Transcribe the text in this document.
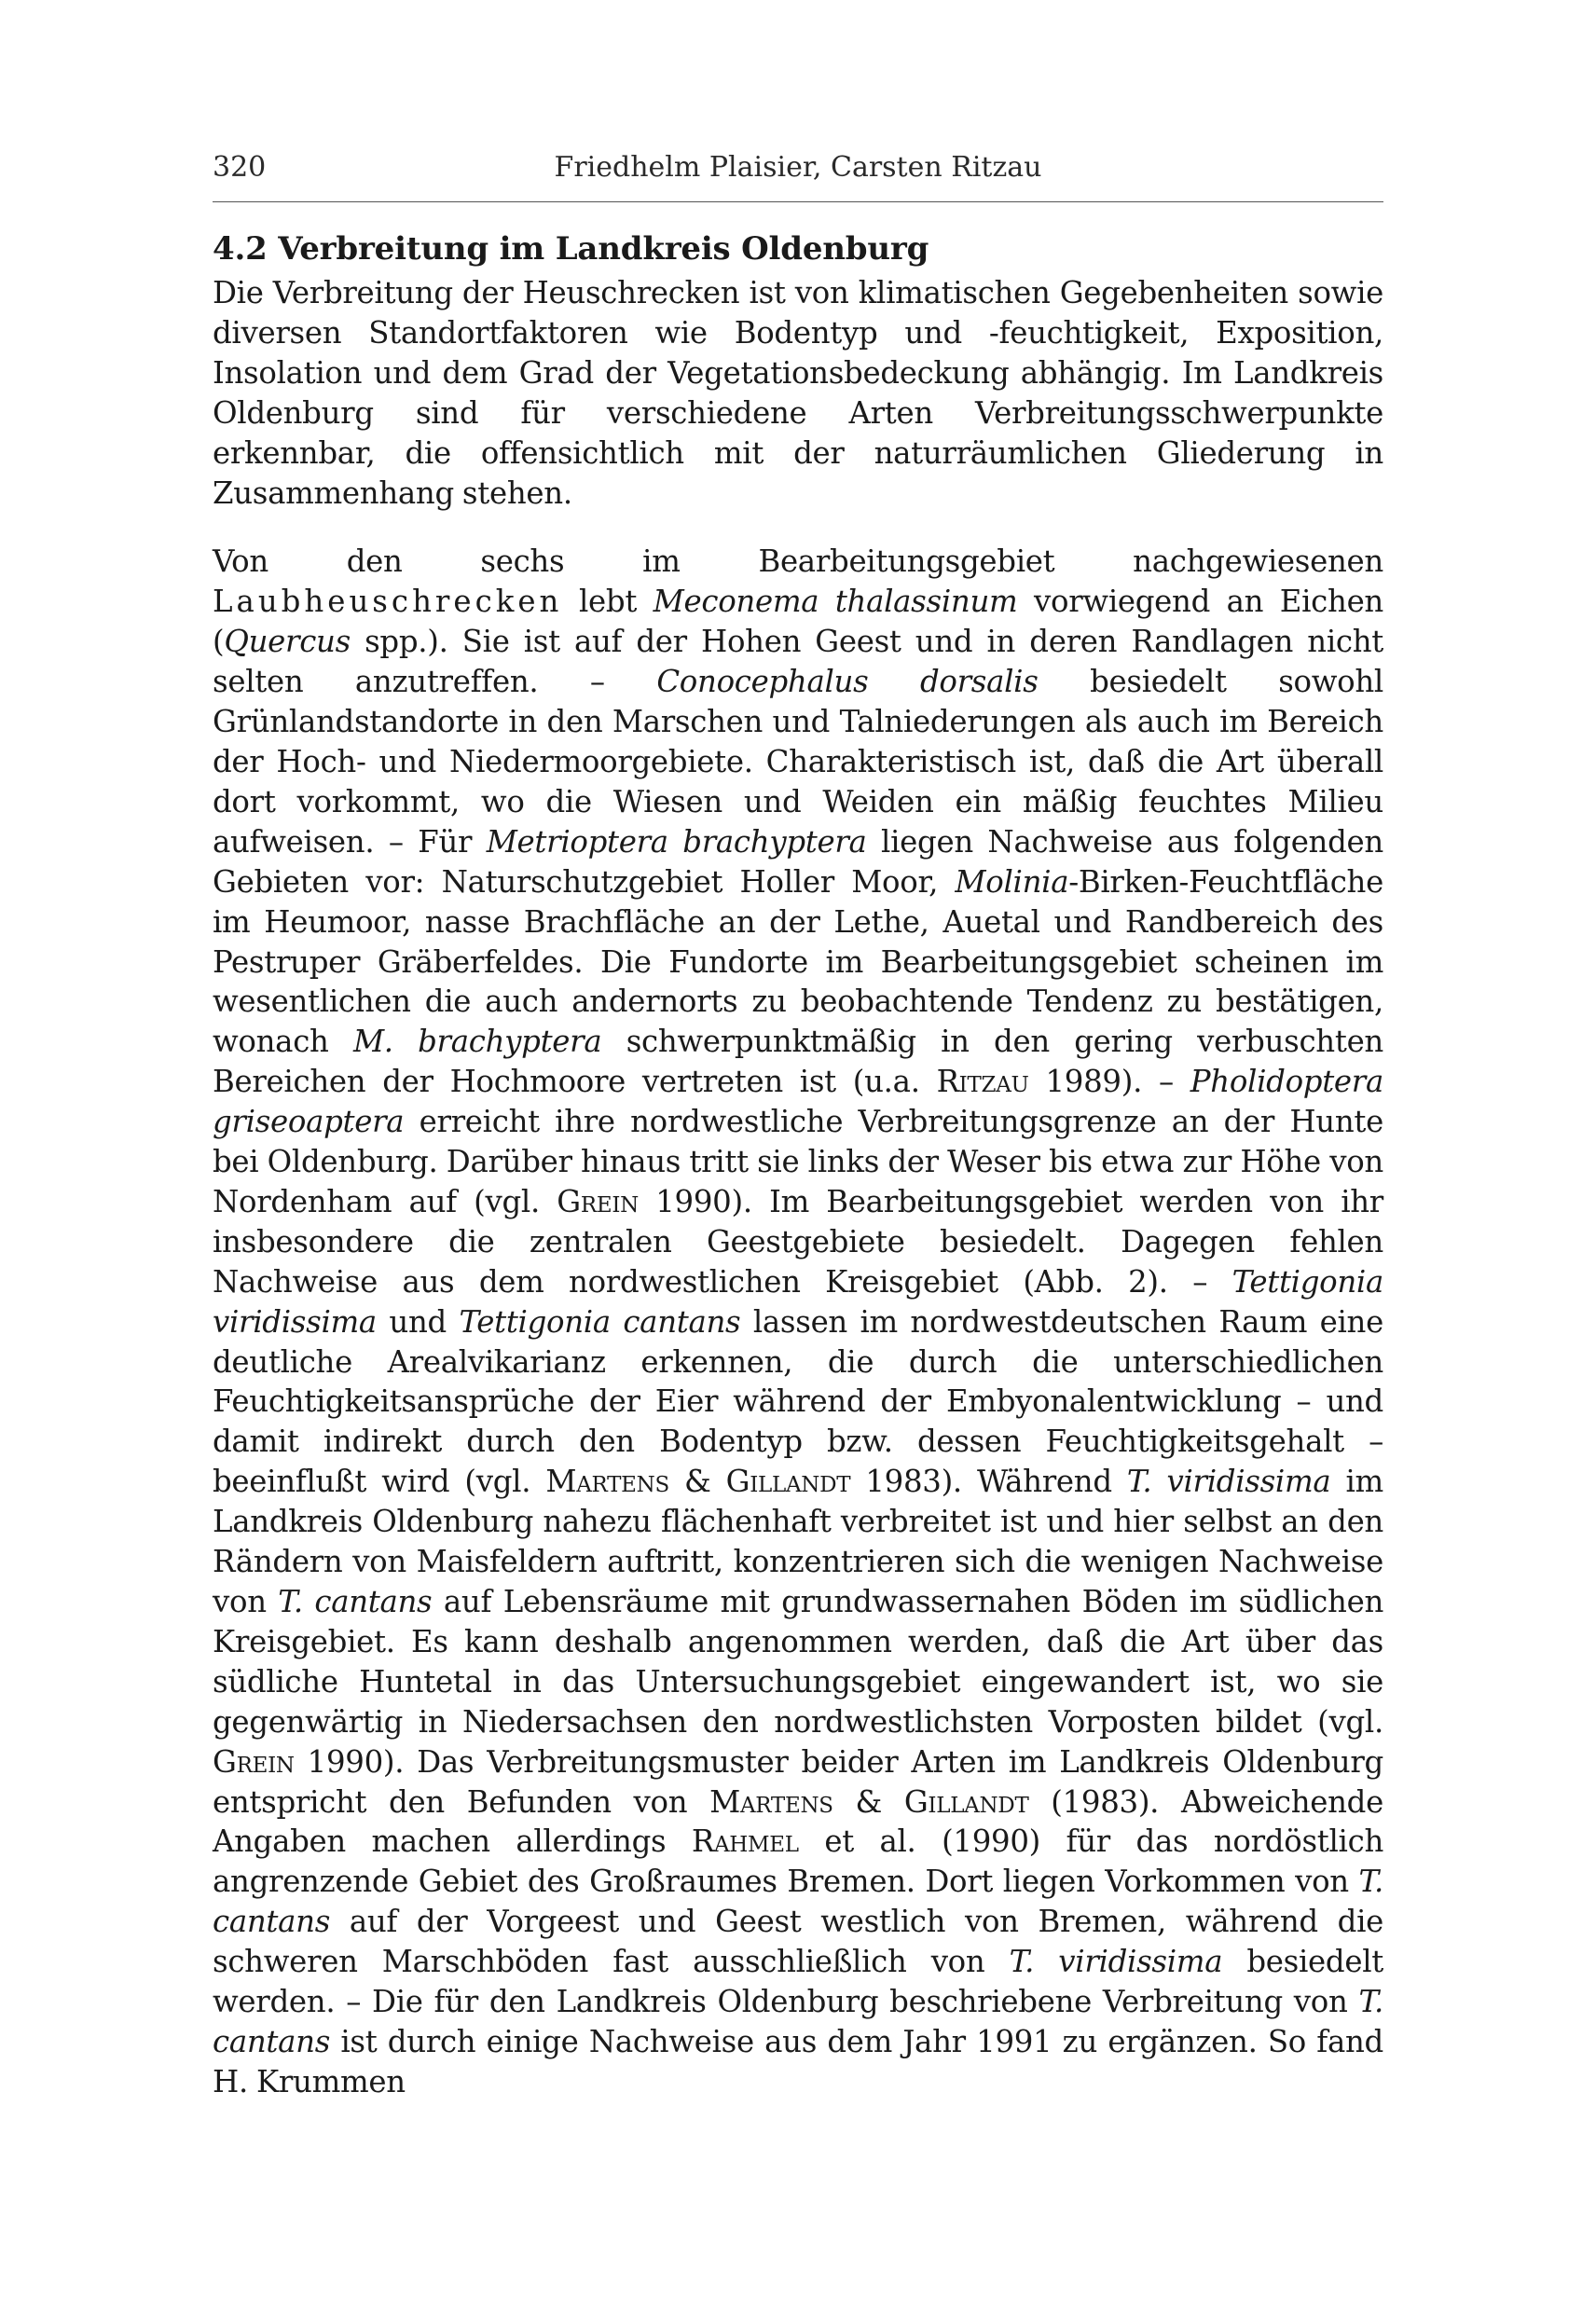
320	Friedhelm Plaisier, Carsten Ritzau
4.2 Verbreitung im Landkreis Oldenburg

Die Verbreitung der Heuschrecken ist von klimatischen Gegebenheiten sowie diversen Standortfaktoren wie Bodentyp und -feuchtigkeit, Exposition, Insolation und dem Grad der Vegetationsbedeckung abhängig. Im Landkreis Oldenburg sind für verschiedene Arten Verbreitungsschwerpunkte erkennbar, die offensichtlich mit der naturräumlichen Gliederung in Zusammenhang stehen.

Von den sechs im Bearbeitungsgebiet nachgewiesenen Laubheuschrecken lebt Meconema thalassinum vorwiegend an Eichen (Quercus spp.). Sie ist auf der Hohen Geest und in deren Randlagen nicht selten anzutreffen. – Conocephalus dorsalis besiedelt sowohl Grünlandstandorte in den Marschen und Talniederungen als auch im Bereich der Hoch- und Niedermoorgebiete. Charakteristisch ist, daß die Art überall dort vorkommt, wo die Wiesen und Weiden ein mäßig feuchtes Milieu aufweisen. – Für Metrioptera brachyptera liegen Nachweise aus folgenden Gebieten vor: Naturschutzgebiet Holler Moor, Molinia-Birken-Feuchtfläche im Heumoor, nasse Brachfläche an der Lethe, Auetal und Randbereich des Pestruper Gräberfeldes. Die Fundorte im Bearbeitungsgebiet scheinen im wesentlichen die auch andernorts zu beobachtende Tendenz zu bestätigen, wonach M. brachyptera schwerpunktmäßig in den gering verbuschten Bereichen der Hochmoore vertreten ist (u.a. Ritzau 1989). – Pholidoptera griseoaptera erreicht ihre nordwestliche Verbreitungsgrenze an der Hunte bei Oldenburg. Darüber hinaus tritt sie links der Weser bis etwa zur Höhe von Nordenham auf (vgl. Grein 1990). Im Bearbeitungsgebiet werden von ihr insbesondere die zentralen Geestgebiete besiedelt. Dagegen fehlen Nachweise aus dem nordwestlichen Kreisgebiet (Abb. 2). – Tettigonia viridissima und Tettigonia cantans lassen im nordwestdeutschen Raum eine deutliche Arealvikarianz erkennen, die durch die unterschiedlichen Feuchtigkeitsansprüche der Eier während der Embyonalentwicklung – und damit indirekt durch den Bodentyp bzw. dessen Feuchtigkeitsgehalt – beeinflußt wird (vgl. Martens & Gillandt 1983). Während T. viridissima im Landkreis Oldenburg nahezu flächenhaft verbreitet ist und hier selbst an den Rändern von Maisfeldern auftritt, konzentrieren sich die wenigen Nachweise von T. cantans auf Lebensräume mit grundwassernahen Böden im südlichen Kreisgebiet. Es kann deshalb angenommen werden, daß die Art über das südliche Huntetal in das Untersuchungsgebiet eingewandert ist, wo sie gegenwärtig in Niedersachsen den nordwestlichsten Vorposten bildet (vgl. Grein 1990). Das Verbreitungsmuster beider Arten im Landkreis Oldenburg entspricht den Befunden von Martens & Gillandt (1983). Abweichende Angaben machen allerdings Rahmel et al. (1990) für das nordöstlich angrenzende Gebiet des Großraumes Bremen. Dort liegen Vorkommen von T. cantans auf der Vorgeest und Geest westlich von Bremen, während die schweren Marschböden fast ausschließlich von T. viridissima besiedelt werden. – Die für den Landkreis Oldenburg beschriebene Verbreitung von T. cantans ist durch einige Nachweise aus dem Jahr 1991 zu ergänzen. So fand H. Krummen
